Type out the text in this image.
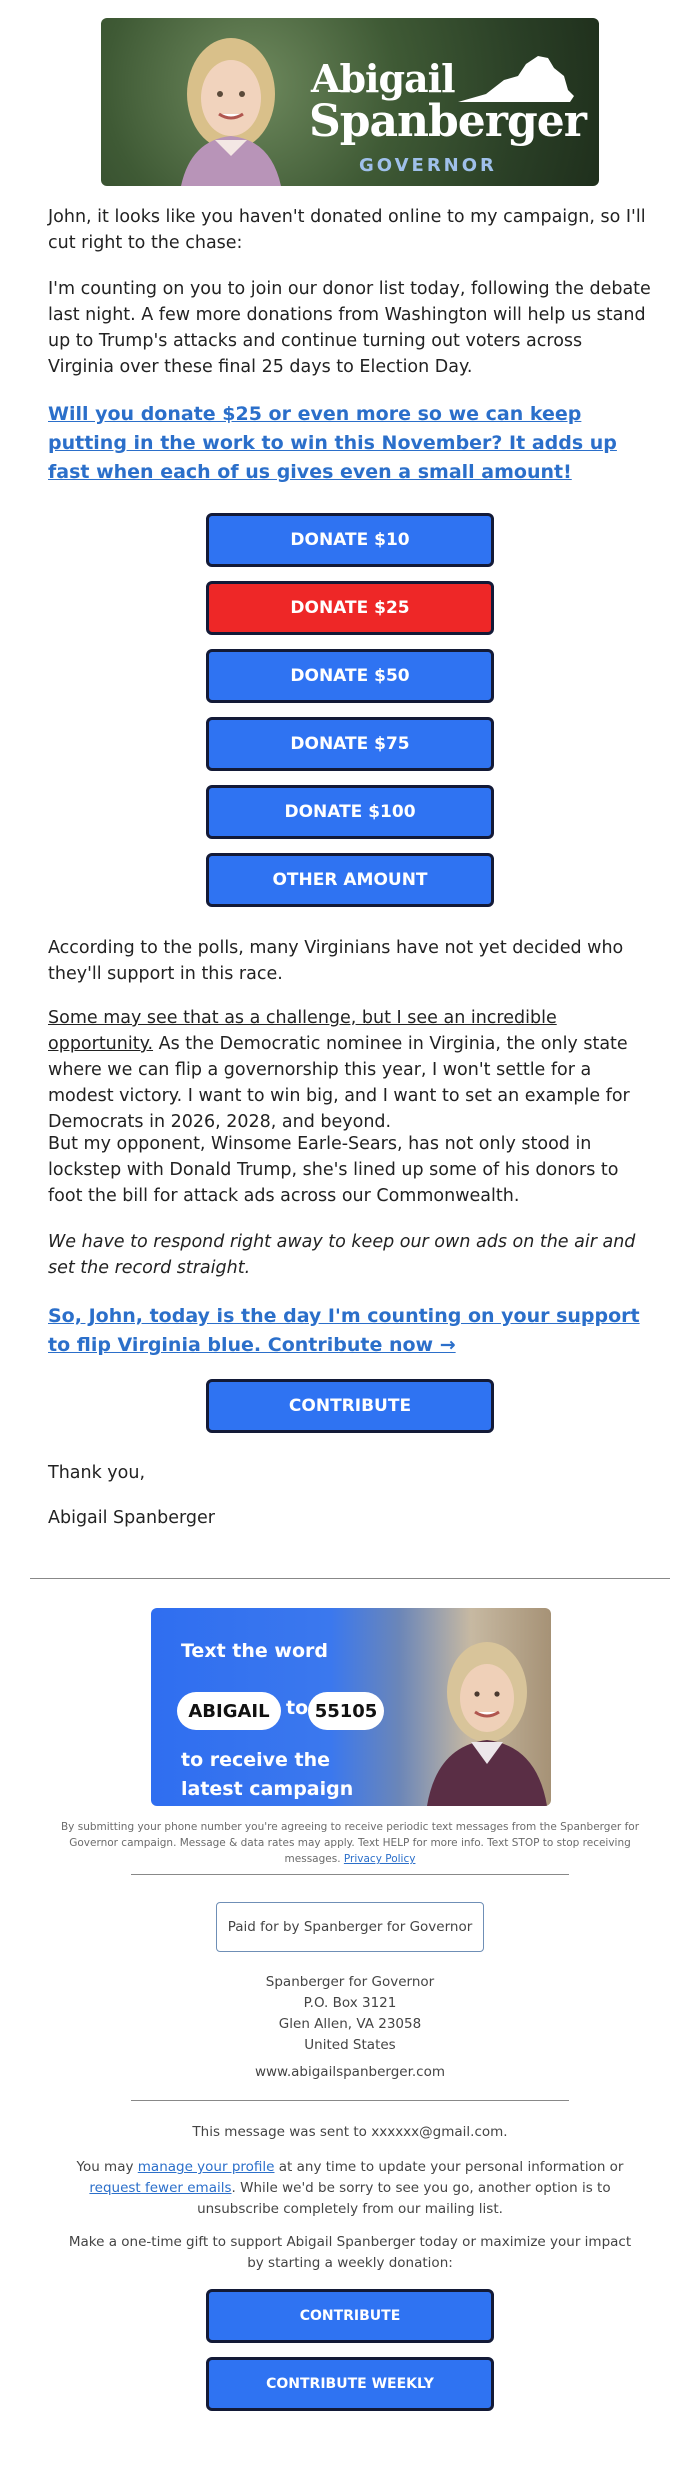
Abigail
Spanberger
GOVERNOR

John, it looks like you haven't donated online to my campaign, so I'll cut right to the chase:

I'm counting on you to join our donor list today, following the debate last night. A few more donations from Washington will help us stand up to Trump's attacks and continue turning out voters across Virginia over these final 25 days to Election Day.

Will you donate $25 or even more so we can keep putting in the work to win this November? It adds up fast when each of us gives even a small amount!

DONATE $10
DONATE $25
DONATE $50
DONATE $75
DONATE $100
OTHER AMOUNT

According to the polls, many Virginians have not yet decided who they'll support in this race.

Some may see that as a challenge, but I see an incredible opportunity. As the Democratic nominee in Virginia, the only state where we can flip a governorship this year, I won't settle for a modest victory. I want to win big, and I want to set an example for Democrats in 2026, 2028, and beyond.

But my opponent, Winsome Earle-Sears, has not only stood in lockstep with Donald Trump, she's lined up some of his donors to foot the bill for attack ads across our Commonwealth.

We have to respond right away to keep our own ads on the air and set the record straight.

So, John, today is the day I'm counting on your support to flip Virginia blue. Contribute now →

CONTRIBUTE

Thank you,

Abigail Spanberger

Text the word
ABIGAIL to 55105
to receive the latest campaign
By submitting your phone number you're agreeing to receive periodic text messages from the Spanberger for Governor campaign. Message & data rates may apply. Text HELP for more info. Text STOP to stop receiving messages. Privacy Policy
Paid for by Spanberger for Governor
Spanberger for Governor
P.O. Box 3121
Glen Allen, VA 23058
United States
www.abigailspanberger.com
This message was sent to xxxxxx@gmail.com.
You may manage your profile at any time to update your personal information or request fewer emails. While we'd be sorry to see you go, another option is to unsubscribe completely from our mailing list.
Make a one-time gift to support Abigail Spanberger today or maximize your impact by starting a weekly donation:
CONTRIBUTE
CONTRIBUTE WEEKLY
